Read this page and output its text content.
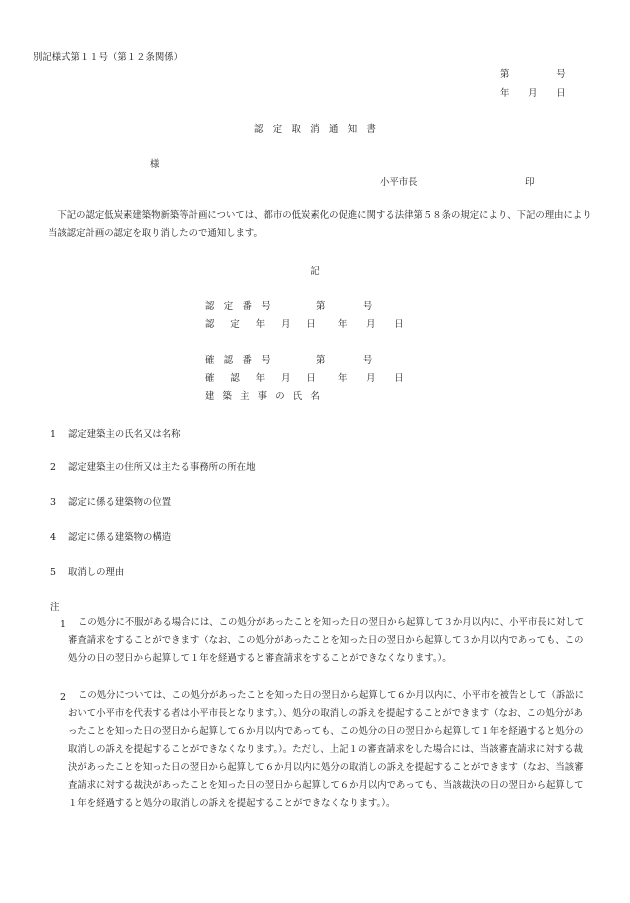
別記様式第１１号（第１２条関係）
第　　　　　号
年　　月　　日
認　定　取　消　通　知　書
様
小平市長	印
　下記の認定低炭素建築物新築等計画については、都市の低炭素化の促進に関する法律第５８条の規定により、下記の理由により当該認定計画の認定を取り消したので通知します。
記
認　定　番　号	第　　　　号
認 定 年 月 日 年　　月　　日
確　認　番　号	第　　　　号
確 認 年 月 日 年　　月　　日
建 築 主 事 の 氏 名
1 認定建築主の氏名又は名称
2 認定建築主の住所又は主たる事務所の所在地
3 認定に係る建築物の位置
4 認定に係る建築物の構造
5 取消しの理由
注
1	この処分に不服がある場合には、この処分があったことを知った日の翌日から起算して３か月以内に、小平市長に対して審査請求をすることができます（なお、この処分があったことを知った日の翌日から起算して３か月以内であっても、この処分の日の翌日から起算して１年を経過すると審査請求をすることができなくなります。）。
2	この処分については、この処分があったことを知った日の翌日から起算して６か月以内に、小平市を被告として（訴訟において小平市を代表する者は小平市長となります。）、処分の取消しの訴えを提起することができます（なお、この処分があったことを知った日の翌日から起算して６か月以内であっても、この処分の日の翌日から起算して１年を経過すると処分の取消しの訴えを提起することができなくなります。）。ただし、上記１の審査請求をした場合には、当該審査請求に対する裁決があったことを知った日の翌日から起算して６か月以内に処分の取消しの訴えを提起することができます（なお、当該審査請求に対する裁決があったことを知った日の翌日から起算して６か月以内であっても、当該裁決の日の翌日から起算して１年を経過すると処分の取消しの訴えを提起することができなくなります。）。
